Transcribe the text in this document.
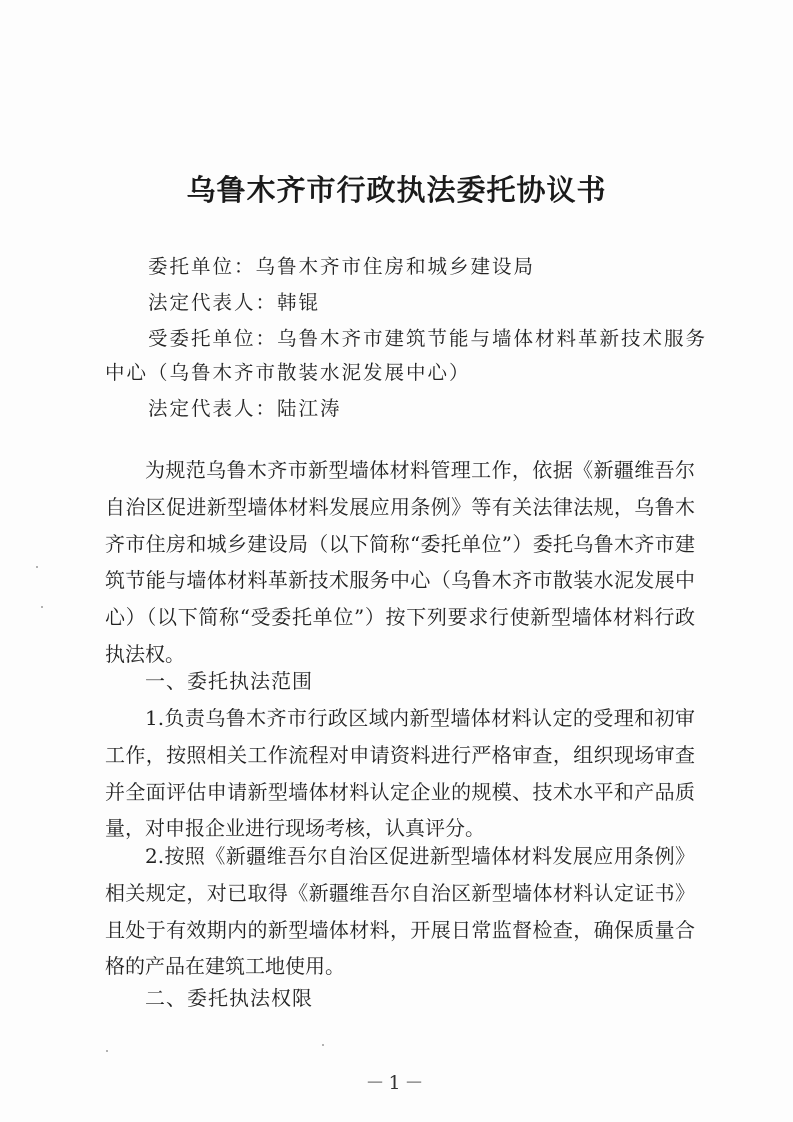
乌鲁木齐市行政执法委托协议书
委托单位：乌鲁木齐市住房和城乡建设局
法定代表人：韩锟
受委托单位：乌鲁木齐市建筑节能与墙体材料革新技术服务
中心（乌鲁木齐市散装水泥发展中心）
法定代表人：陆江涛

为规范乌鲁木齐市新型墙体材料管理工作，依据《新疆维吾尔自治区促进新型墙体材料发展应用条例》等有关法律法规，乌鲁木齐市住房和城乡建设局（以下简称“委托单位”）委托乌鲁木齐市建筑节能与墙体材料革新技术服务中心（乌鲁木齐市散装水泥发展中心）（以下简称“受委托单位”）按下列要求行使新型墙体材料行政执法权。

一、委托执法范围

1.负责乌鲁木齐市行政区域内新型墙体材料认定的受理和初审工作，按照相关工作流程对申请资料进行严格审查，组织现场审查并全面评估申请新型墙体材料认定企业的规模、技术水平和产品质量，对申报企业进行现场考核，认真评分。

2.按照《新疆维吾尔自治区促进新型墙体材料发展应用条例》相关规定，对已取得《新疆维吾尔自治区新型墙体材料认定证书》且处于有效期内的新型墙体材料，开展日常监督检查，确保质量合格的产品在建筑工地使用。

二、委托执法权限
－1－
